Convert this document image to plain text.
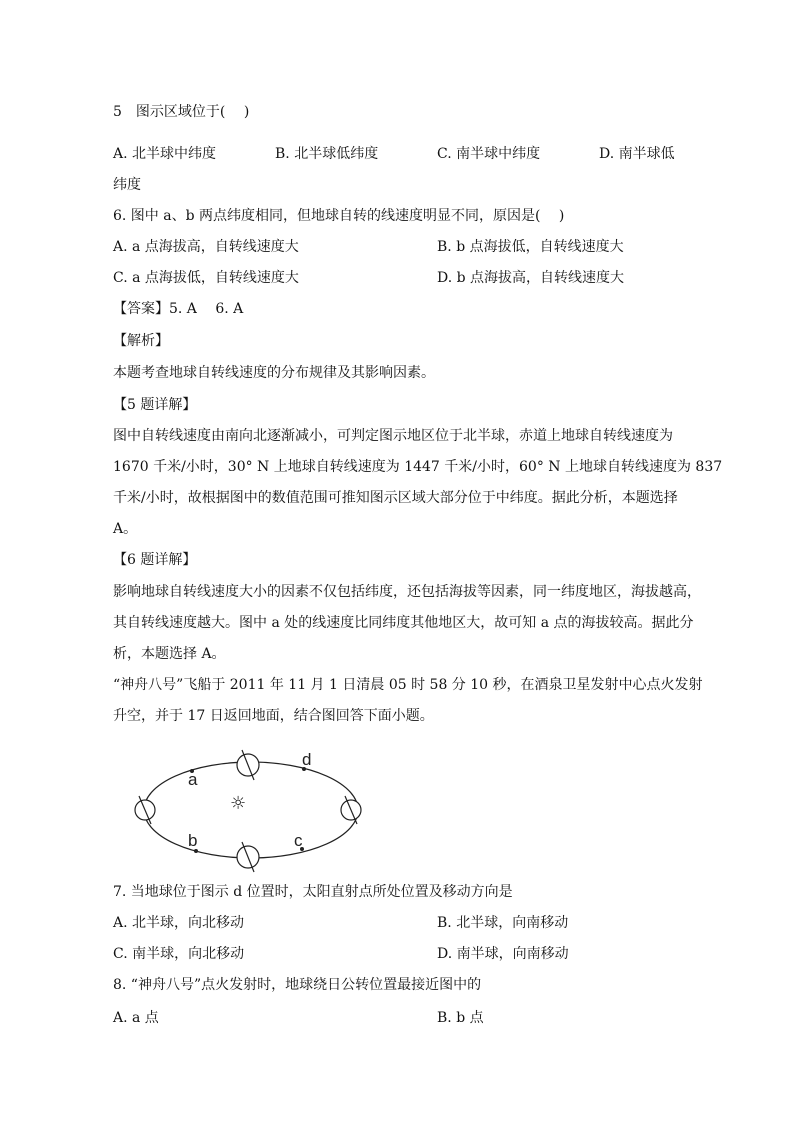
5　图示区域位于(　 )
A. 北半球中纬度	B. 北半球低纬度	C. 南半球中纬度	D. 南半球低
纬度
6. 图中 a、b 两点纬度相同，但地球自转的线速度明显不同，原因是(　 )
A. a 点海拔高，自转线速度大	B. b 点海拔低，自转线速度大
C. a 点海拔低，自转线速度大	D. b 点海拔高，自转线速度大
【答案】5. A　 6. A
【解析】
本题考查地球自转线速度的分布规律及其影响因素。
【5 题详解】
图中自转线速度由南向北逐渐减小，可判定图示地区位于北半球，赤道上地球自转线速度为
1670 千米/小时，30° N 上地球自转线速度为 1447 千米/小时，60° N 上地球自转线速度为 837
千米/小时，故根据图中的数值范围可推知图示区域大部分位于中纬度。据此分析，本题选择
A。
【6 题详解】
影响地球自转线速度大小的因素不仅包括纬度，还包括海拔等因素，同一纬度地区，海拔越高，
其自转线速度越大。图中 a 处的线速度比同纬度其他地区大，故可知 a 点的海拔较高。据此分
析，本题选择 A。
“神舟八号”飞船于 2011 年 11 月 1 日清晨 05 时 58 分 10 秒，在酒泉卫星发射中心点火发射
升空，并于 17 日返回地面，结合图回答下面小题。
a
d
b	c
☼
7. 当地球位于图示 d 位置时，太阳直射点所处位置及移动方向是
A. 北半球，向北移动	B. 北半球，向南移动
C. 南半球，向北移动	D. 南半球，向南移动
8. “神舟八号”点火发射时，地球绕日公转位置最接近图中的
A. a 点	B. b 点
